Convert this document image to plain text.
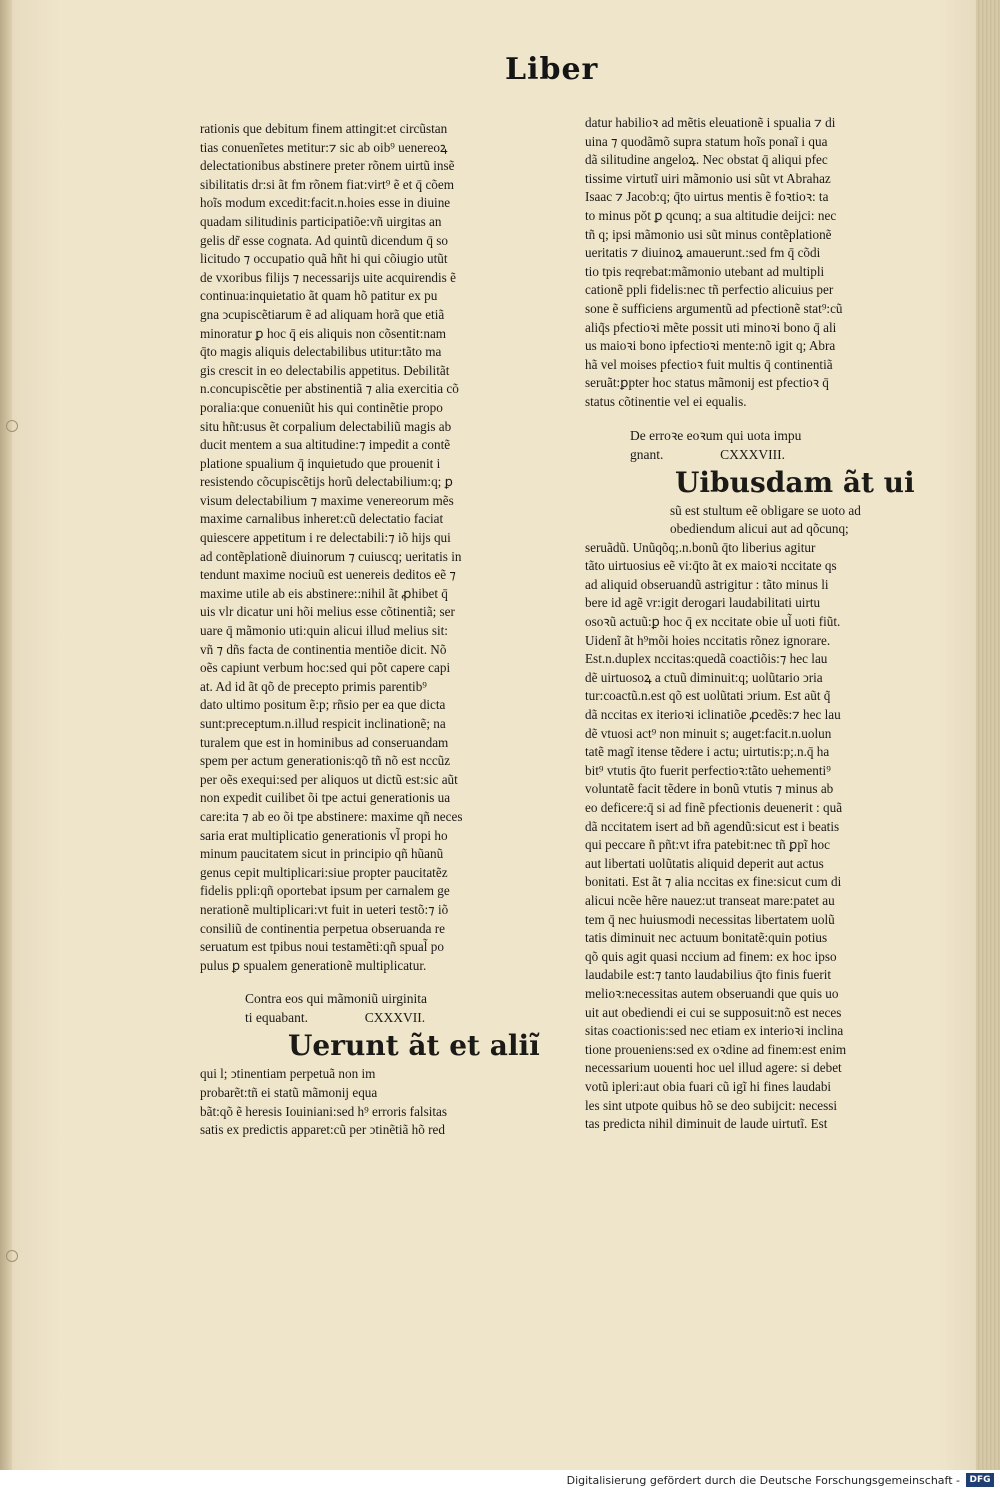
Liber
rationis que debitum finem attingit:et circũstan
tias conuenĩetes metitur:⁊ sic ab oib⁹ uenereoꝝ
delectationibus abstinere preter rõnem uirtũ insẽ
sibilitatis dr:si ãt fm rõnem fiat:virt⁹ ẽ et q̄ cõem
hoĩs modum excedit:facit.n.hoies esse in diuine
quadam silitudinis participatiõe:vñ uirgitas an
gelis dr̃ esse cognata. Ad quintũ dicendum q̄ so
licitudo ⁊ occupatio quã hñt hi qui cõiugio utũt
de vxoribus filijs ⁊ necessarijs uite acquirendis ẽ
continua:inquietatio ãt quam hõ patitur ex pu
gna ↄcupiscẽtiarum ẽ ad aliquam horã que etiã
minoratur ꝑ hoc q̄ eis aliquis non cõsentit:nam
q̄to magis aliquis delectabilibus utitur:tãto ma
gis crescit in eo delectabilis appetitus. Debilitãt
n.concupiscẽtie per abstinentiã ⁊ alia exercitia cõ
poralia:que conueniũt his qui continẽtie propo
situ hñt:usus ẽt corpalium delectabiliũ magis ab
ducit mentem a sua altitudine:⁊ impedit a contẽ
platione spualium q̄ inquietudo que prouenit i
resistendo cõcupiscẽtijs horũ delectabilium:q; ꝑ
visum delectabilium ⁊ maxime venereorum mẽs
maxime carnalibus inheret:cũ delectatio faciat
quiescere appetitum i re delectabili:⁊ iõ hijs qui
ad contẽplationẽ diuinorum ⁊ cuiuscq; ueritatis in
tendunt maxime nociuũ est uenereis deditos eẽ ⁊
maxime utile ab eis abstinere::nihil ãt ꝓhibet q̄
uis vlr dicatur uni hõi melius esse cõtinentiã; ser
uare q̄ mãmonio uti:quin alicui illud melius sit:
vñ ⁊ dñs facta de continentia mentiõe dicit. Nõ
oẽs capiunt verbum hoc:sed qui põt capere capi
at. Ad id ãt qõ de precepto primis parentib⁹
dato ultimo positum ẽ:p; rñsio per ea que dicta
sunt:preceptum.n.illud respicit inclinationẽ; na
turalem que est in hominibus ad conseruandam
spem per actum generationis:qõ tñ nõ est nccũz
per oẽs exequi:sed per aliquos ut dictũ est:sic aũt
non expedit cuilibet õi tpe actui generationis ua
care:ita ⁊ ab eo õi tpe abstinere: maxime qñ neces
saria erat multiplicatio generationis vl̃ propi ho
minum paucitatem sicut in principio qñ hũanũ
genus cepit multiplicari:siue propter paucitatẽz
fidelis ppli:qñ oportebat ipsum per carnalem ge
nerationẽ multiplicari:vt fuit in ueteri testõ:⁊ iõ
consiliũ de continentia perpetua obseruanda re
seruatum est tpibus noui testamẽti:qñ spual̃ po
pulus ꝑ spualem generationẽ multiplicatur.
Contra eos qui mãmoniũ uirginita
ti equabant.	CXXXVII.
Uerunt ãt et aliĩ
qui l; ↄtinentiam perpetuã non im
probarẽt:tñ ei statũ mãmonij equa
bãt:qõ ẽ heresis Iouiniani:sed h⁹ erroris falsitas
satis ex predictis apparet:cũ per ↄtinẽtiã hõ red
datur habilioꝛ ad mẽtis eleuationẽ i spualia ⁊ di
uina ⁊ quodãmõ supra statum hoĩs ponaĩ i qua
dã silitudine angeloꝝ. Nec obstat q̄ aliqui pfec
tissime virtutĩ uiri mãmonio usi sũt vt Abrahaz
Isaac ⁊ Jacob:q; q̄to uirtus mentis ẽ foꝛtioꝛ: ta
to minus pŏt ꝑ qcunq; a sua altitudie deijci: nec
tñ q; ipsi mãmonio usi sũt minus contẽplationẽ
ueritatis ⁊ diuinoꝝ amauerunt.:sed fm q̄ cõdi
tio tpis reqrebat:mãmonio utebant ad multipli
cationẽ ppli fidelis:nec tñ perfectio alicuius per
sone ẽ sufficiens argumentũ ad pfectionẽ stat⁹:cũ
aliq̃s pfectioꝛi mẽte possit uti minoꝛi bono q̄ ali
us maioꝛi bono ipfectioꝛi mente:nõ igit q; Abra
hã vel moises pfectioꝛ fuit multis q̄ continentiã
seruãt:ꝑpter hoc status mãmonij est pfectioꝛ q̄
status cõtinentie vel ei equalis.
De erroꝛe eoꝛum qui uota impu
gnant.	CXXXVIII.
Uibusdam ãt ui
sũ est stultum eẽ obligare se uoto ad
obediendum alicui aut ad qõcunq;
seruãdũ. Unũqõq;.n.bonũ q̄to liberius agitur
tãto uirtuosius eẽ vi:q̄to ãt ex maioꝛi nccitate qs
ad aliquid obseruandũ astrigitur : tãto minus li
bere id agẽ vr:igit derogari laudabilitati uirtu
osoꝛũ actuũ:ꝑ hoc q̄ ex nccitate obie ul̃ uoti fiũt.
Uidenĩ ãt h⁹mõi hoies nccitatis rõnez ignorare.
Est.n.duplex nccitas:quedã coactiõis:⁊ hec lau
dẽ uirtuosoꝝ a ctuũ diminuit:q; uolũtario ↄria
tur:coactũ.n.est qõ est uolũtati ↄrium. Est aũt q̃
dã nccitas ex iterioꝛi iclinatiõe ꝓcedẽs:⁊ hec lau
dẽ vtuosi act⁹ non minuit s; auget:facit.n.uolun
tatẽ magĩ itense tẽdere i actu; uirtutis:p;.n.q̄ ha
bit⁹ vtutis q̄to fuerit perfectioꝛ:tãto uehementi⁹
voluntatẽ facit tẽdere in bonũ vtutis ⁊ minus ab
eo deficere:q̄ si ad finẽ pfectionis deuenerit : quã
dã nccitatem isert ad bñ agendũ:sicut est i beatis
qui peccare ñ pñt:vt ifra patebit:nec tñ ꝑpĩ hoc
aut libertati uolũtatis aliquid deperit aut actus
bonitati. Est ãt ⁊ alia nccitas ex fine:sicut cum di
alicui ncẽe hẽre nauez:ut transeat mare:patet au
tem q̄ nec huiusmodi necessitas libertatem uolũ
tatis diminuit nec actuum bonitatẽ:quin potius
qõ quis agit quasi nccium ad finem: ex hoc ipso
laudabile est:⁊ tanto laudabilius q̄to finis fuerit
melioꝛ:necessitas autem obseruandi que quis uo
uit aut obediendi ei cui se supposuit:nõ est neces
sitas coactionis:sed nec etiam ex interioꝛi inclina
tione proueniens:sed ex oꝛdine ad finem:est enim
necessarium uouenti hoc uel illud agere: si debet
votũ ipleri:aut obia fuari cũ igĩ hi fines laudabi
les sint utpote quibus hõ se deo subijcit: necessi
tas predicta nihil diminuit de laude uirtutĩ. Est
Digitalisierung gefördert durch die Deutsche Forschungsgemeinschaft -	DFG
